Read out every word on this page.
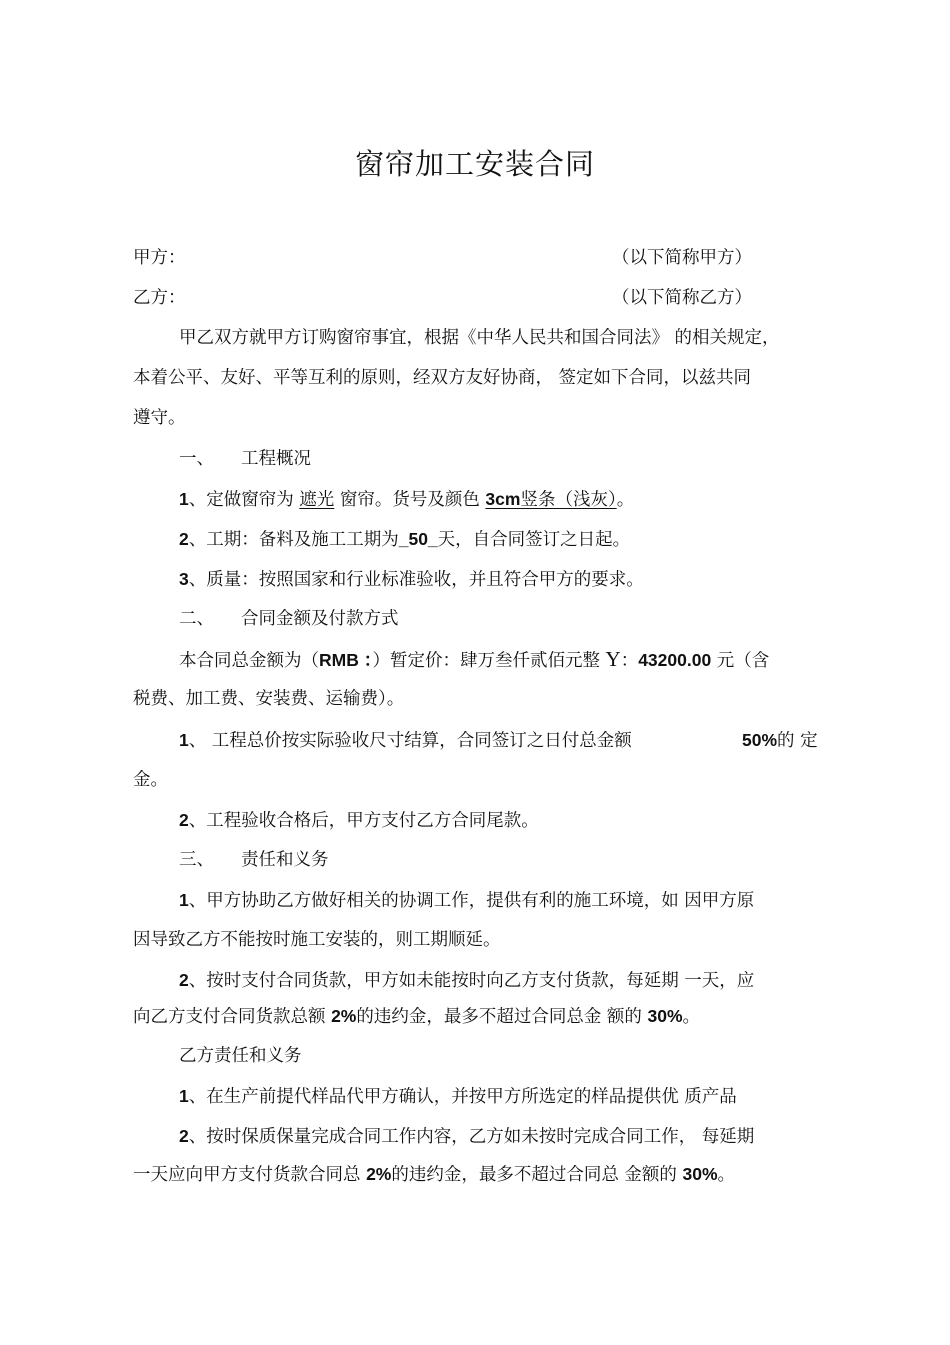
窗帘加工安装合同
甲方：	（以下简称甲方）
乙方：	（以下简称乙方）
甲乙双方就甲方订购窗帘事宜，根据《中华人民共和国合同法》 的相关规定，
本着公平、友好、平等互利的原则，经双方友好协商， 签定如下合同，以兹共同
遵守。
一、 工程概况
1、定做窗帘为 遮光 窗帘。货号及颜色 3cm竖条（浅灰）。
2、工期：备料及施工工期为_50_天，自合同签订之日起。
3、质量：按照国家和行业标准验收，并且符合甲方的要求。
二、 合同金额及付款方式
本合同总金额为（RMB ：）暂定价：肆万叁仟贰佰元整 Y：43200.00 元（含
税费、加工费、安装费、运输费）。
1、 工程总价按实际验收尺寸结算，合同签订之日付总金额	50%的 定
金。
2、工程验收合格后，甲方支付乙方合同尾款。
三、 责任和义务
1、甲方协助乙方做好相关的协调工作，提供有利的施工环境，如 因甲方原
因导致乙方不能按时施工安装的，则工期顺延。
2、按时支付合同货款，甲方如未能按时向乙方支付货款，每延期 一天，应
向乙方支付合同货款总额 2%的违约金，最多不超过合同总金 额的 30%。
乙方责任和义务
1、在生产前提代样品代甲方确认，并按甲方所选定的样品提供优 质产品
2、按时保质保量完成合同工作内容，乙方如未按时完成合同工作， 每延期
一天应向甲方支付货款合同总 2%的违约金，最多不超过合同总 金额的 30%。
